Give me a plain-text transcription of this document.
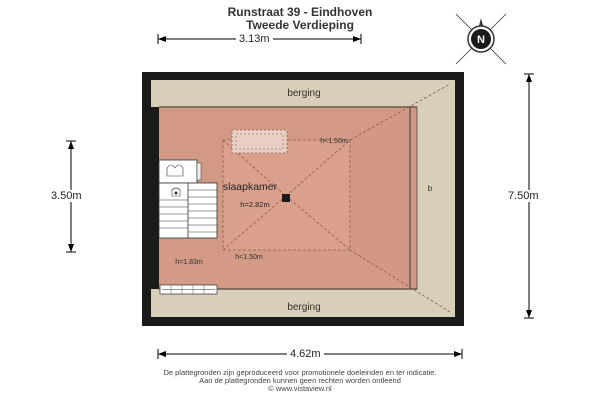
Runstraat 39 - Eindhoven
Tweede Verdieping
berging
berging
slaapkamer
h=2.82m
b
h<1.50m
h<1.50m
h=1.83m
N
3.13m
4.62m
3.50m	7.50m
De plattegronden zijn geproduceerd voor promotionele doeleinden en ter indicatie.
Aan de plattegronden kunnen geen rechten worden ontleend
© www.vistaview.nl
